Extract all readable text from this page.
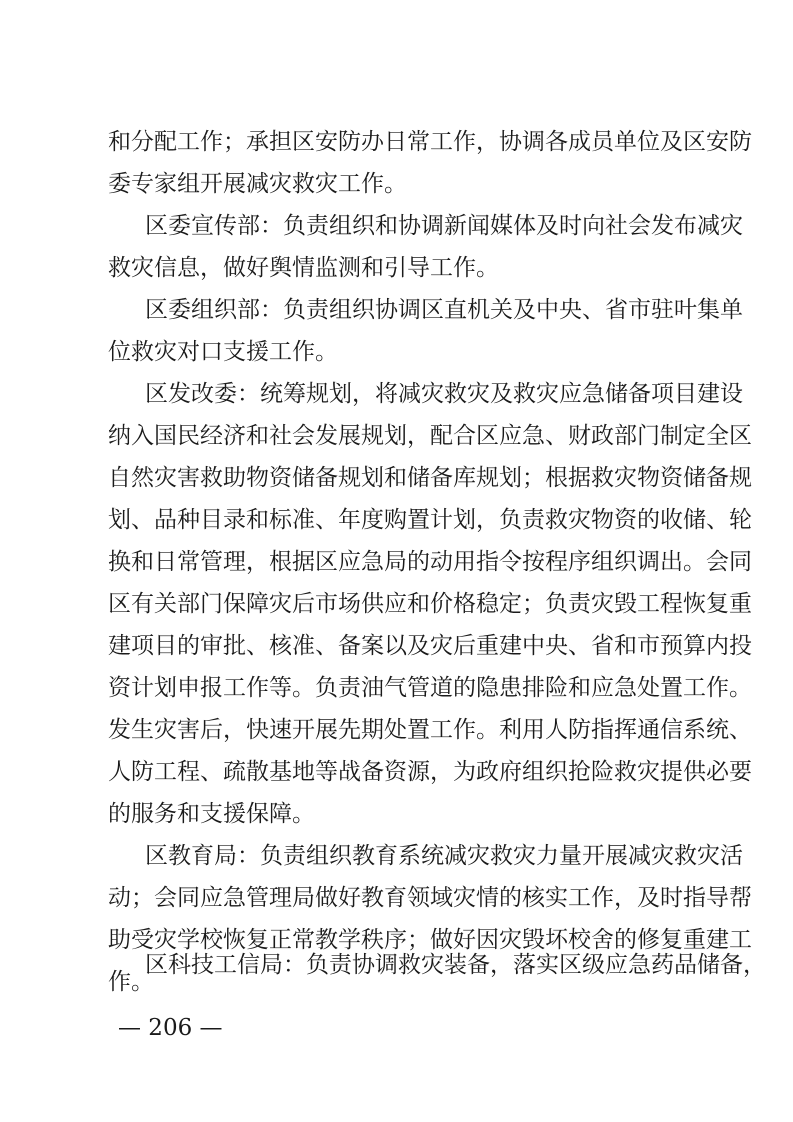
和分配工作；承担区安防办日常工作，协调各成员单位及区安防
委专家组开展减灾救灾工作。
区委宣传部：负责组织和协调新闻媒体及时向社会发布减灾
救灾信息，做好舆情监测和引导工作。
区委组织部：负责组织协调区直机关及中央、省市驻叶集单
位救灾对口支援工作。
区发改委：统筹规划，将减灾救灾及救灾应急储备项目建设
纳入国民经济和社会发展规划，配合区应急、财政部门制定全区
自然灾害救助物资储备规划和储备库规划；根据救灾物资储备规
划、品种目录和标准、年度购置计划，负责救灾物资的收储、轮
换和日常管理，根据区应急局的动用指令按程序组织调出。会同
区有关部门保障灾后市场供应和价格稳定；负责灾毁工程恢复重
建项目的审批、核准、备案以及灾后重建中央、省和市预算内投
资计划申报工作等。负责油气管道的隐患排险和应急处置工作。
发生灾害后，快速开展先期处置工作。利用人防指挥通信系统、
人防工程、疏散基地等战备资源，为政府组织抢险救灾提供必要
的服务和支援保障。
区教育局：负责组织教育系统减灾救灾力量开展减灾救灾活
动；会同应急管理局做好教育领域灾情的核实工作，及时指导帮
助受灾学校恢复正常教学秩序；做好因灾毁坏校舍的修复重建工
作。
区科技工信局：负责协调救灾装备，落实区级应急药品储备，
— 206 —
